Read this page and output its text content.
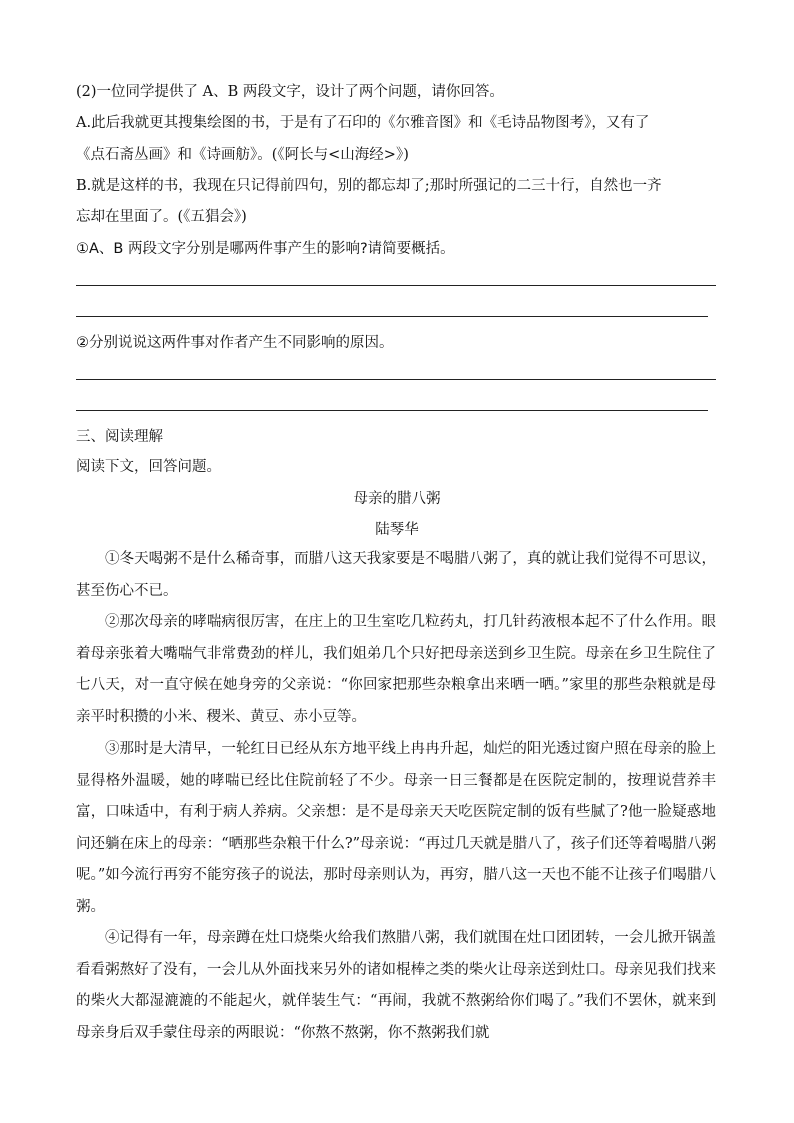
(2)一位同学提供了 A、B 两段文字，设计了两个问题，请你回答。
A.此后我就更其搜集绘图的书，于是有了石印的《尔雅音图》和《毛诗品物图考》，又有了
《点石斋丛画》和《诗画舫》。(《阿长与<山海经>》)
B.就是这样的书，我现在只记得前四句，别的都忘却了;那时所强记的二三十行，自然也一齐
忘却在里面了。(《五猖会》)
①A、B 两段文字分别是哪两件事产生的影响?请简要概括。
②分别说说这两件事对作者产生不同影响的原因。
三、阅读理解
阅读下文，回答问题。
母亲的腊八粥
陆琴华
①冬天喝粥不是什么稀奇事，而腊八这天我家要是不喝腊八粥了，真的就让我们觉得不可思议，甚至伤心不已。
②那次母亲的哮喘病很厉害，在庄上的卫生室吃几粒药丸，打几针药液根本起不了什么作用。眼着母亲张着大嘴喘气非常费劲的样儿，我们姐弟几个只好把母亲送到乡卫生院。母亲在乡卫生院住了七八天，对一直守候在她身旁的父亲说：“你回家把那些杂粮拿出来晒一晒。”家里的那些杂粮就是母亲平时积攒的小米、稷米、黄豆、赤小豆等。
③那时是大清早，一轮红日已经从东方地平线上冉冉升起，灿烂的阳光透过窗户照在母亲的脸上显得格外温暖，她的哮喘已经比住院前轻了不少。母亲一日三餐都是在医院定制的，按理说营养丰富，口味适中，有利于病人养病。父亲想：是不是母亲天天吃医院定制的饭有些腻了?他一脸疑惑地问还躺在床上的母亲：“晒那些杂粮干什么?”母亲说：“再过几天就是腊八了，孩子们还等着喝腊八粥呢。”如今流行再穷不能穷孩子的说法，那时母亲则认为，再穷，腊八这一天也不能不让孩子们喝腊八粥。
④记得有一年，母亲蹲在灶口烧柴火给我们熬腊八粥，我们就围在灶口团团转，一会儿掀开锅盖看看粥熬好了没有，一会儿从外面找来另外的诸如棍棒之类的柴火让母亲送到灶口。母亲见我们找来的柴火大都湿漉漉的不能起火，就佯装生气：“再闹，我就不熬粥给你们喝了。”我们不罢休，就来到母亲身后双手蒙住母亲的两眼说：“你熬不熬粥，你不熬粥我们就
